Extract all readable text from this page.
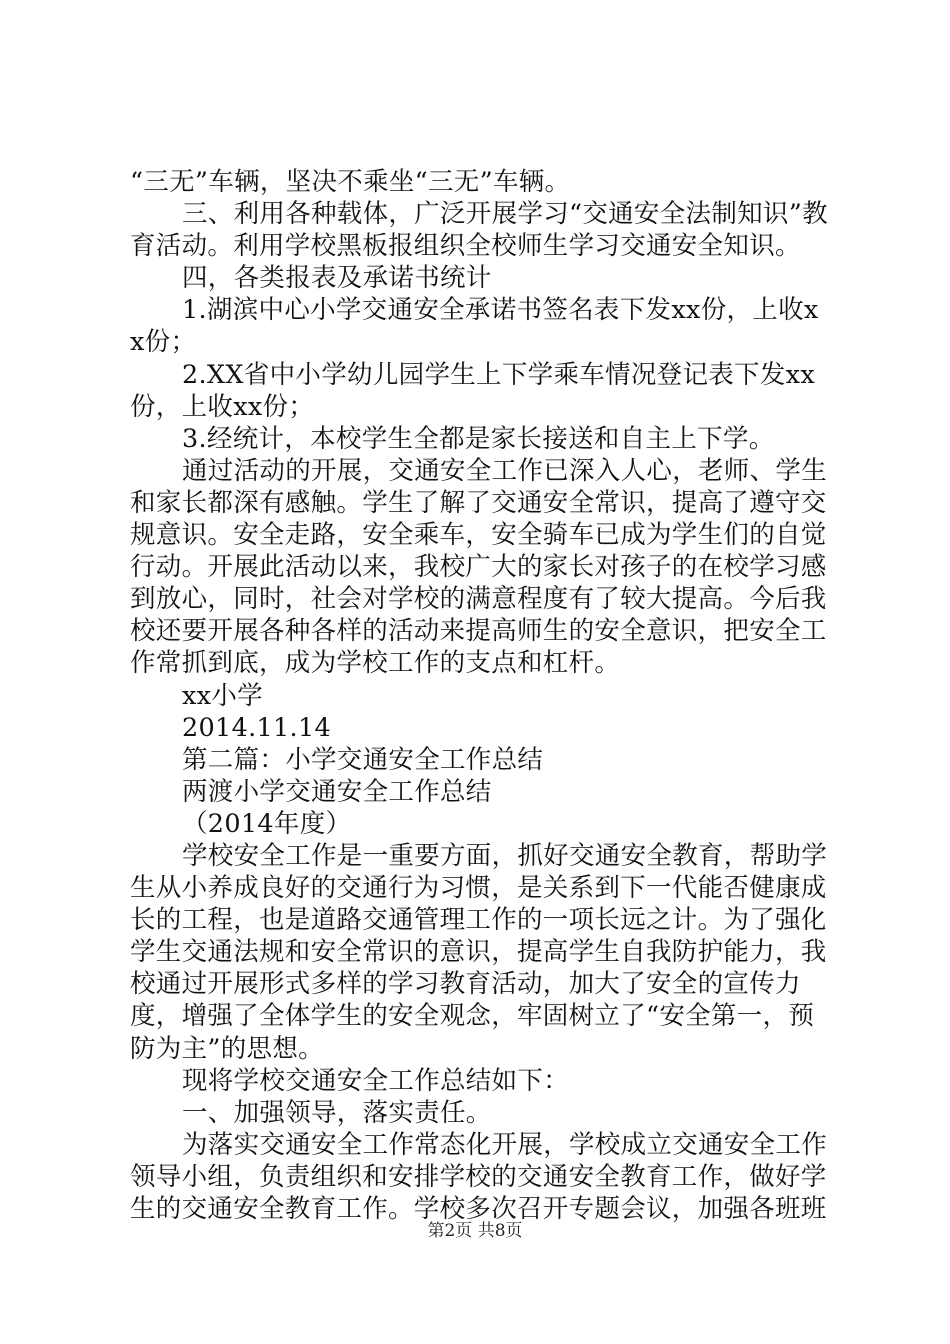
“三无”车辆，坚决不乘坐“三无”车辆。

三、利用各种载体，广泛开展学习“交通安全法制知识”教育活动。利用学校黑板报组织全校师生学习交通安全知识。

四，各类报表及承诺书统计

1.湖滨中心小学交通安全承诺书签名表下发xx份，上收xx份；

2.XX省中小学幼儿园学生上下学乘车情况登记表下发xx份，上收xx份；

3.经统计，本校学生全都是家长接送和自主上下学。

通过活动的开展，交通安全工作已深入人心，老师、学生和家长都深有感触。学生了解了交通安全常识，提高了遵守交规意识。安全走路，安全乘车，安全骑车已成为学生们的自觉行动。开展此活动以来，我校广大的家长对孩子的在校学习感到放心，同时，社会对学校的满意程度有了较大提高。今后我校还要开展各种各样的活动来提高师生的安全意识，把安全工作常抓到底，成为学校工作的支点和杠杆。

xx小学

2014.11.14

第二篇：小学交通安全工作总结

两渡小学交通安全工作总结

（2014年度）

学校安全工作是一重要方面，抓好交通安全教育，帮助学生从小养成良好的交通行为习惯，是关系到下一代能否健康成长的工程，也是道路交通管理工作的一项长远之计。为了强化学生交通法规和安全常识的意识，提高学生自我防护能力，我校通过开展形式多样的学习教育活动，加大了安全的宣传力度，增强了全体学生的安全观念，牢固树立了“安全第一，预防为主”的思想。

现将学校交通安全工作总结如下：

一、加强领导，落实责任。

为落实交通安全工作常态化开展，学校成立交通安全工作领导小组，负责组织和安排学校的交通安全教育工作，做好学生的交通安全教育工作。学校多次召开专题会议，加强各班班

第2页 共8页
